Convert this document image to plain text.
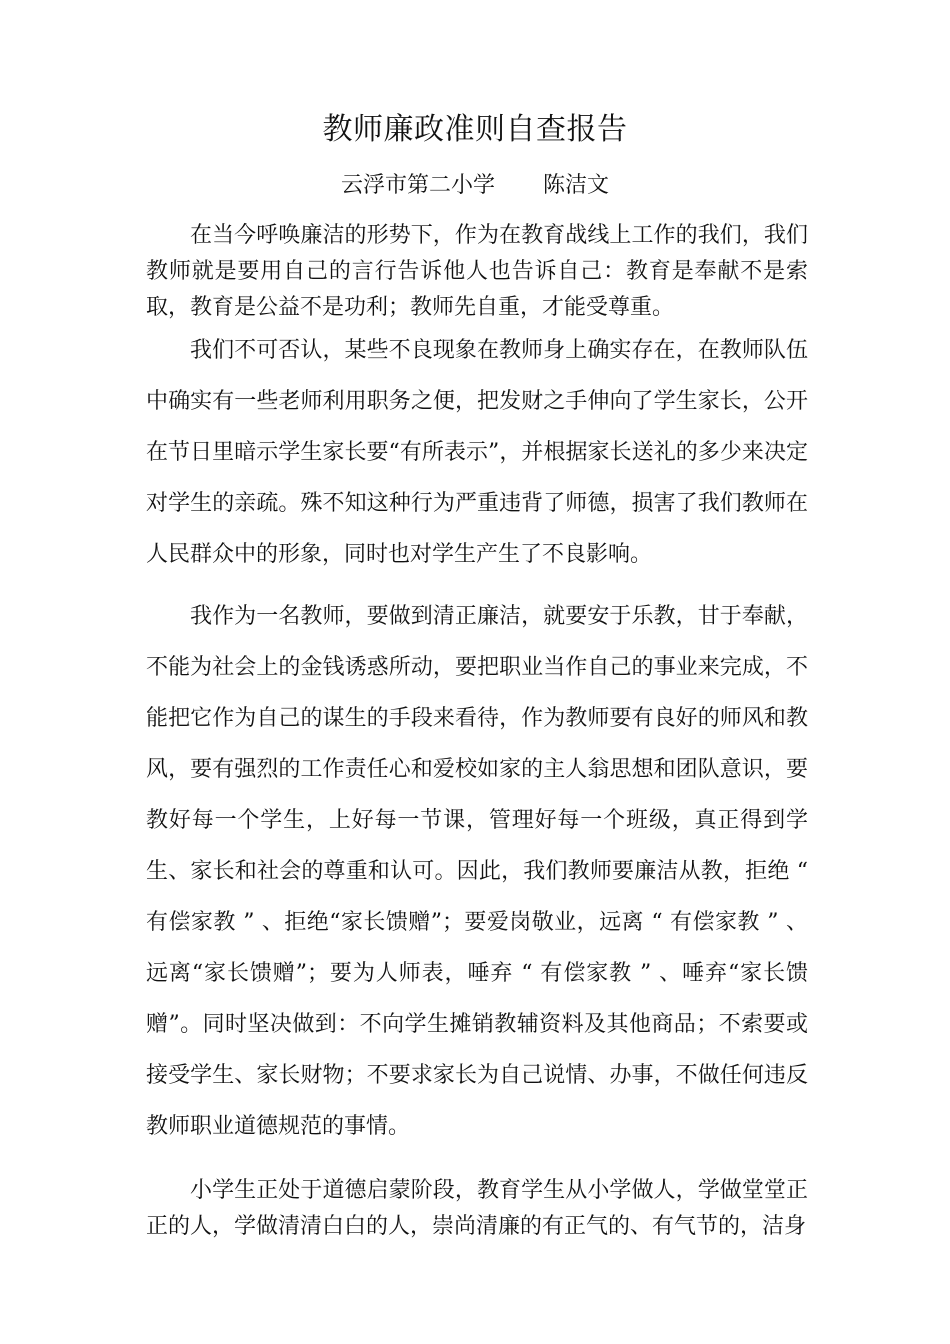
教师廉政准则自查报告
云浮市第二小学 陈洁文

在当今呼唤廉洁的形势下，作为在教育战线上工作的我们，我们教师就是要用自己的言行告诉他人也告诉自己：教育是奉献不是索取，教育是公益不是功利；教师先自重，才能受尊重。

我们不可否认，某些不良现象在教师身上确实存在，在教师队伍中确实有一些老师利用职务之便，把发财之手伸向了学生家长，公开在节日里暗示学生家长要“有所表示”，并根据家长送礼的多少来决定对学生的亲疏。殊不知这种行为严重违背了师德，损害了我们教师在人民群众中的形象，同时也对学生产生了不良影响。

我作为一名教师，要做到清正廉洁，就要安于乐教，甘于奉献，不能为社会上的金钱诱惑所动，要把职业当作自己的事业来完成，不能把它作为自己的谋生的手段来看待，作为教师要有良好的师风和教风，要有强烈的工作责任心和爱校如家的主人翁思想和团队意识，要教好每一个学生，上好每一节课，管理好每一个班级，真正得到学生、家长和社会的尊重和认可。因此，我们教师要廉洁从教，拒绝 “ 有偿家教 ” 、拒绝“家长馈赠”；要爱岗敬业，远离 “ 有偿家教 ” 、远离“家长馈赠”；要为人师表，唾弃 “ 有偿家教 ” 、唾弃“家长馈赠”。同时坚决做到：不向学生摊销教辅资料及其他商品；不索要或接受学生、家长财物；不要求家长为自己说情、办事，不做任何违反教师职业道德规范的事情。

小学生正处于道德启蒙阶段，教育学生从小学做人，学做堂堂正正的人，学做清清白白的人，崇尚清廉的有正气的、有气节的，洁身
